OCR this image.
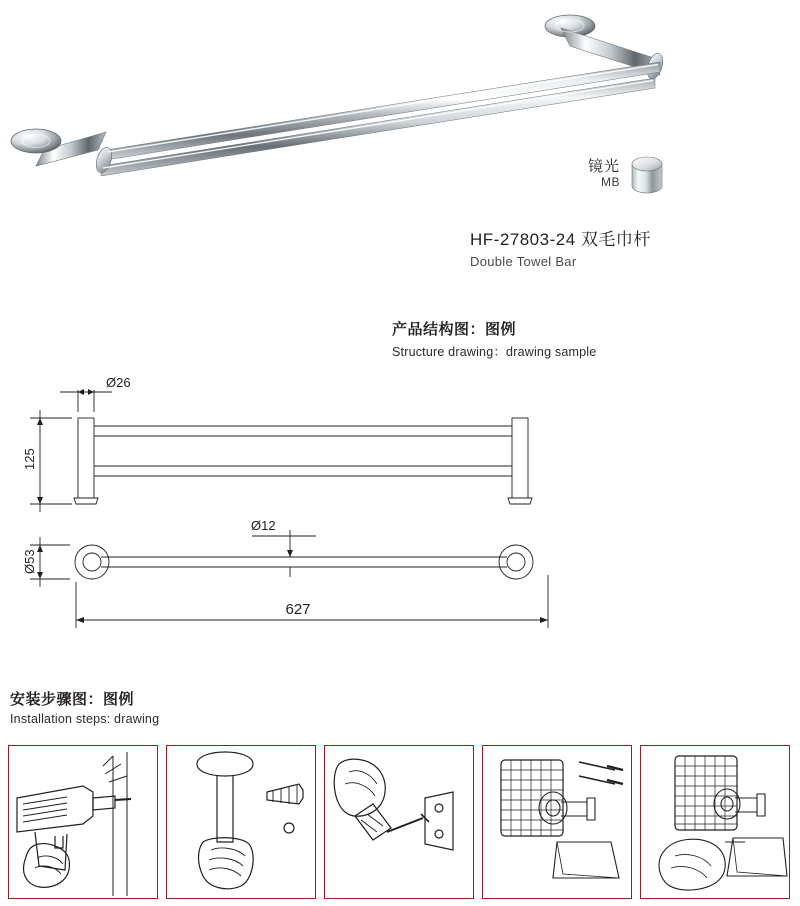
镜光
MB
HF-27803-24 双毛巾杆
Double Towel Bar
产品结构图：图例
Structure drawing：drawing sample
Ø26
125
Ø53
Ø12
627
安装步骤图：图例
Installation steps: drawing
